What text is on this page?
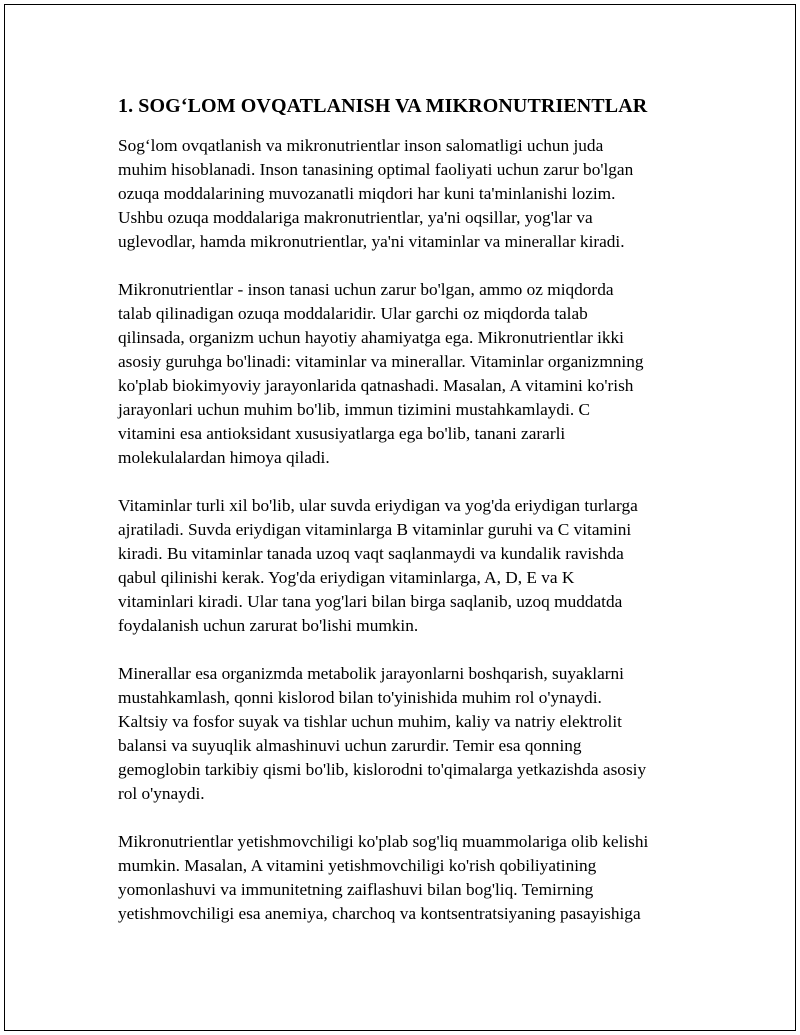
1. SOG‘LOM OVQATLANISH VA MIKRONUTRIENTLAR

Sog‘lom ovqatlanish va mikronutrientlar inson salomatligi uchun juda
muhim hisoblanadi. Inson tanasining optimal faoliyati uchun zarur bo'lgan
ozuqa moddalarining muvozanatli miqdori har kuni ta'minlanishi lozim.
Ushbu ozuqa moddalariga makronutrientlar, ya'ni oqsillar, yog'lar va
uglevodlar, hamda mikronutrientlar, ya'ni vitaminlar va minerallar kiradi.

Mikronutrientlar - inson tanasi uchun zarur bo'lgan, ammo oz miqdorda
talab qilinadigan ozuqa moddalaridir. Ular garchi oz miqdorda talab
qilinsada, organizm uchun hayotiy ahamiyatga ega. Mikronutrientlar ikki
asosiy guruhga bo'linadi: vitaminlar va minerallar. Vitaminlar organizmning
ko'plab biokimyoviy jarayonlarida qatnashadi. Masalan, A vitamini ko'rish
jarayonlari uchun muhim bo'lib, immun tizimini mustahkamlaydi. C
vitamini esa antioksidant xususiyatlarga ega bo'lib, tanani zararli
molekulalardan himoya qiladi.

Vitaminlar turli xil bo'lib, ular suvda eriydigan va yog'da eriydigan turlarga
ajratiladi. Suvda eriydigan vitaminlarga B vitaminlar guruhi va C vitamini
kiradi. Bu vitaminlar tanada uzoq vaqt saqlanmaydi va kundalik ravishda
qabul qilinishi kerak. Yog'da eriydigan vitaminlarga, A, D, E va K
vitaminlari kiradi. Ular tana yog'lari bilan birga saqlanib, uzoq muddatda
foydalanish uchun zarurat bo'lishi mumkin.

Minerallar esa organizmda metabolik jarayonlarni boshqarish, suyaklarni
mustahkamlash, qonni kislorod bilan to'yinishida muhim rol o'ynaydi.
Kaltsiy va fosfor suyak va tishlar uchun muhim, kaliy va natriy elektrolit
balansi va suyuqlik almashinuvi uchun zarurdir. Temir esa qonning
gemoglobin tarkibiy qismi bo'lib, kislorodni to'qimalarga yetkazishda asosiy
rol o'ynaydi.

Mikronutrientlar yetishmovchiligi ko'plab sog'liq muammolariga olib kelishi
mumkin. Masalan, A vitamini yetishmovchiligi ko'rish qobiliyatining
yomonlashuvi va immunitetning zaiflashuvi bilan bog'liq. Temirning
yetishmovchiligi esa anemiya, charchoq va kontsentratsiyaning pasayishiga
